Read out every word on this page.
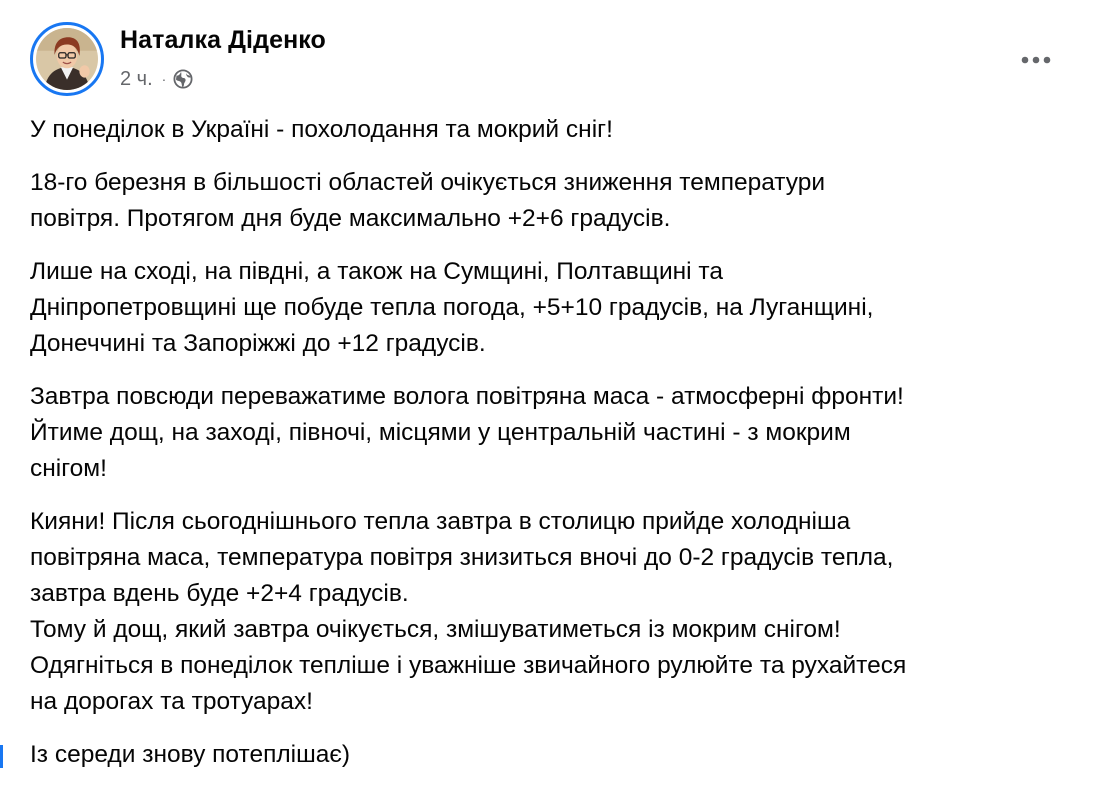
Наталка Діденко
2 ч. ·

У понеділок в Україні - похолодання та мокрий сніг!

18-го березня в більшості областей очікується зниження температури
повітря. Протягом дня буде максимально +2+6 градусів.

Лише на сході, на півдні, а також на Сумщині, Полтавщині та
Дніпропетровщині ще побуде тепла погода, +5+10 градусів, на Луганщині,
Донеччині та Запоріжжі до +12 градусів.

Завтра повсюди переважатиме волога повітряна маса - атмосферні фронти!
Йтиме дощ, на заході, півночі, місцями у центральній частині - з мокрим
снігом!

Кияни! Після сьогоднішнього тепла завтра в столицю прийде холодніша
повітряна маса, температура повітря знизиться вночі до 0-2 градусів тепла,
завтра вдень буде +2+4 градусів.
Тому й дощ, який завтра очікується, змішуватиметься із мокрим снігом!
Одягніться в понеділок тепліше і уважніше звичайного рулюйте та рухайтеся
на дорогах та тротуарах!

Із середи знову потеплішає)
